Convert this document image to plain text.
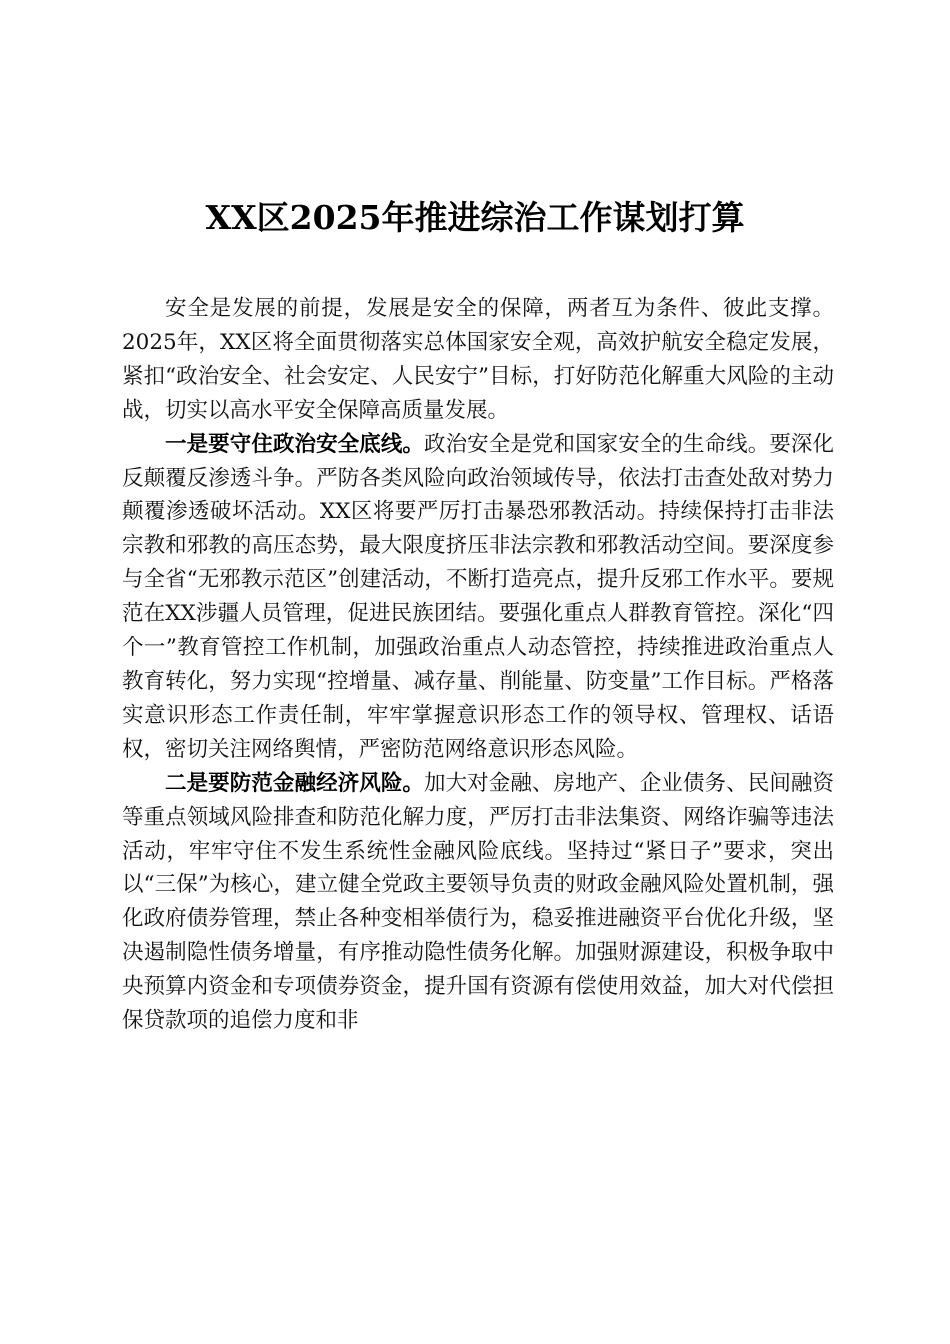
XX区2025年推进综治工作谋划打算

安全是发展的前提，发展是安全的保障，两者互为条件、彼此支撑。2025年，XX区将全面贯彻落实总体国家安全观，高效护航安全稳定发展，紧扣“政治安全、社会安定、人民安宁”目标，打好防范化解重大风险的主动战，切实以高水平安全保障高质量发展。

一是要守住政治安全底线。政治安全是党和国家安全的生命线。要深化反颠覆反渗透斗争。严防各类风险向政治领域传导，依法打击查处敌对势力颠覆渗透破坏活动。XX区将要严厉打击暴恐邪教活动。持续保持打击非法宗教和邪教的高压态势，最大限度挤压非法宗教和邪教活动空间。要深度参与全省“无邪教示范区”创建活动，不断打造亮点，提升反邪工作水平。要规范在XX涉疆人员管理，促进民族团结。要强化重点人群教育管控。深化“四个一”教育管控工作机制，加强政治重点人动态管控，持续推进政治重点人教育转化，努力实现“控增量、减存量、削能量、防变量”工作目标。严格落实意识形态工作责任制，牢牢掌握意识形态工作的领导权、管理权、话语权，密切关注网络舆情，严密防范网络意识形态风险。

二是要防范金融经济风险。加大对金融、房地产、企业债务、民间融资等重点领域风险排查和防范化解力度，严厉打击非法集资、网络诈骗等违法活动，牢牢守住不发生系统性金融风险底线。坚持过“紧日子”要求，突出以“三保”为核心，建立健全党政主要领导负责的财政金融风险处置机制，强化政府债券管理，禁止各种变相举债行为，稳妥推进融资平台优化升级，坚决遏制隐性债务增量，有序推动隐性债务化解。加强财源建设，积极争取中央预算内资金和专项债券资金，提升国有资源有偿使用效益，加大对代偿担保贷款项的追偿力度和非
